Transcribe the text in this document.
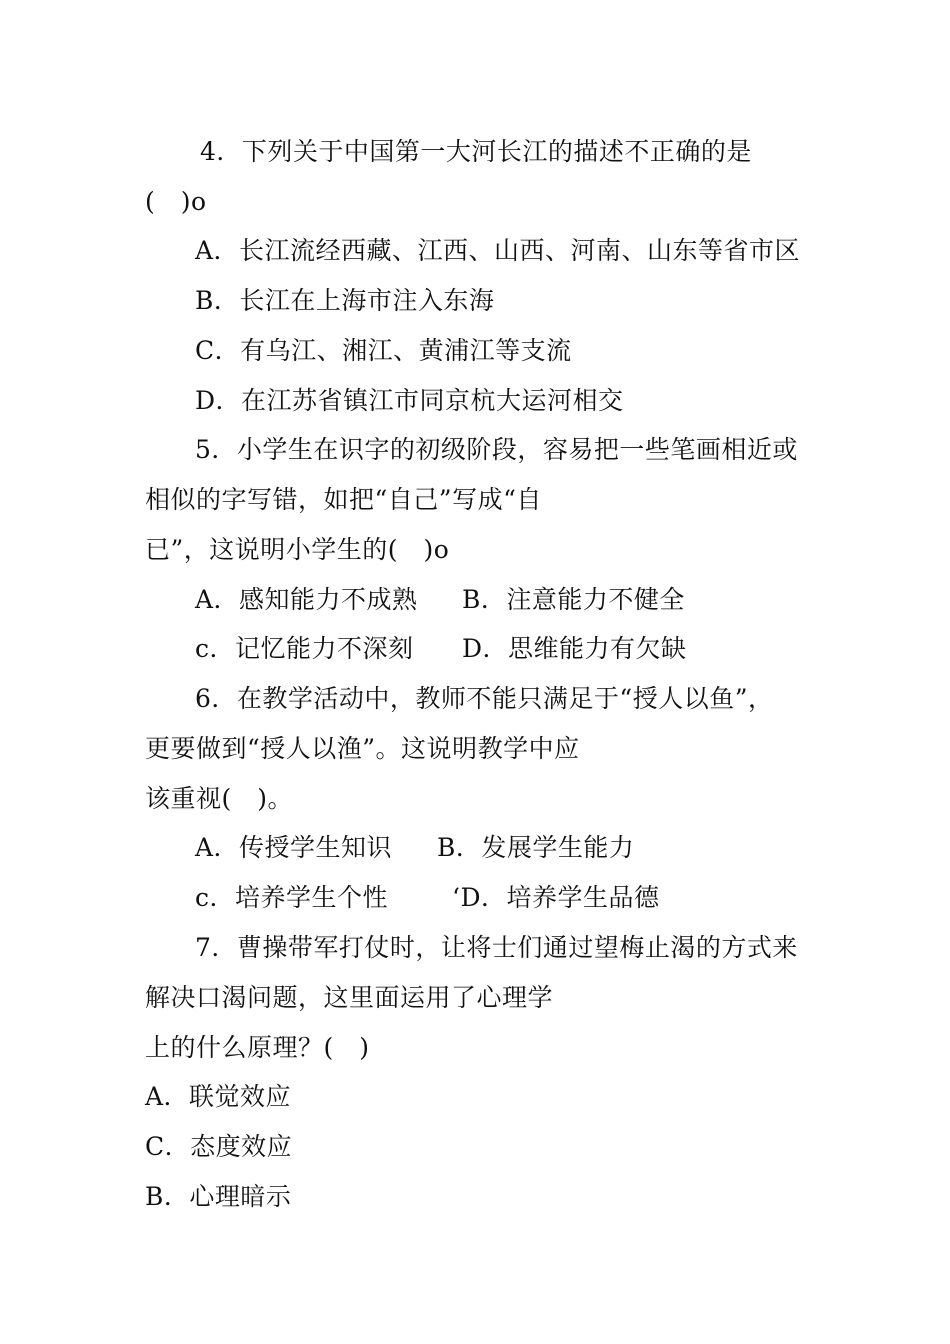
4．下列关于中国第一大河长江的描述不正确的是
(　)o
A．长江流经西藏、江西、山西、河南、山东等省市区
B．长江在上海市注入东海
C．有乌江、湘江、黄浦江等支流
D．在江苏省镇江市同京杭大运河相交
5．小学生在识字的初级阶段，容易把一些笔画相近或
相似的字写错，如把“自己”写成“自
已”，这说明小学生的(　)o
A．感知能力不成熟 B．注意能力不健全
c．记忆能力不深刻 D．思维能力有欠缺
6．在教学活动中，教师不能只满足于“授人以鱼”，
更要做到“授人以渔”。这说明教学中应
该重视(　)。
A．传授学生知识 B．发展学生能力
c．培养学生个性	‘D．培养学生品德
7．曹操带军打仗时，让将士们通过望梅止渴的方式来
解决口渴问题，这里面运用了心理学
上的什么原理？(　)
A．联觉效应
C．态度效应
B．心理暗示
